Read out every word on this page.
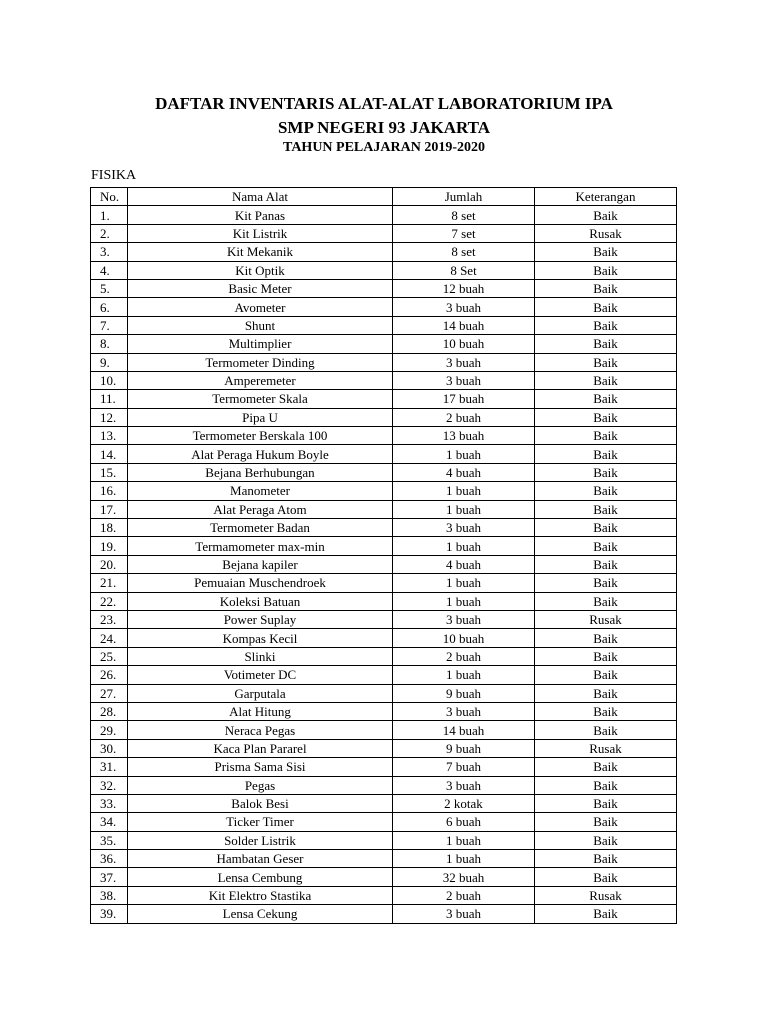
DAFTAR INVENTARIS ALAT-ALAT LABORATORIUM IPA
SMP NEGERI 93 JAKARTA
TAHUN PELAJARAN 2019-2020
FISIKA
No.	Nama Alat	Jumlah	Keterangan
1.	Kit Panas	8 set	Baik
2.	Kit Listrik	7 set	Rusak
3.	Kit Mekanik	8 set	Baik
4.	Kit Optik	8 Set	Baik
5.	Basic Meter	12 buah	Baik
6.	Avometer	3 buah	Baik
7.	Shunt	14 buah	Baik
8.	Multimplier	10 buah	Baik
9.	Termometer Dinding	3 buah	Baik
10.	Amperemeter	3 buah	Baik
11.	Termometer Skala	17 buah	Baik
12.	Pipa U	2 buah	Baik
13.	Termometer Berskala 100	13 buah	Baik
14.	Alat Peraga Hukum Boyle	1 buah	Baik
15.	Bejana Berhubungan	4 buah	Baik
16.	Manometer	1 buah	Baik
17.	Alat Peraga Atom	1 buah	Baik
18.	Termometer Badan	3 buah	Baik
19.	Termamometer max-min	1 buah	Baik
20.	Bejana kapiler	4 buah	Baik
21.	Pemuaian Muschendroek	1 buah	Baik
22.	Koleksi Batuan	1 buah	Baik
23.	Power Suplay	3 buah	Rusak
24.	Kompas Kecil	10 buah	Baik
25.	Slinki	2 buah	Baik
26.	Votimeter DC	1 buah	Baik
27.	Garputala	9 buah	Baik
28.	Alat Hitung	3 buah	Baik
29.	Neraca Pegas	14 buah	Baik
30.	Kaca Plan Pararel	9 buah	Rusak
31.	Prisma Sama Sisi	7 buah	Baik
32.	Pegas	3 buah	Baik
33.	Balok Besi	2 kotak	Baik
34.	Ticker Timer	6 buah	Baik
35.	Solder Listrik	1 buah	Baik
36.	Hambatan Geser	1 buah	Baik
37.	Lensa Cembung	32 buah	Baik
38.	Kit Elektro Stastika	2 buah	Rusak
39.	Lensa Cekung	3 buah	Baik
